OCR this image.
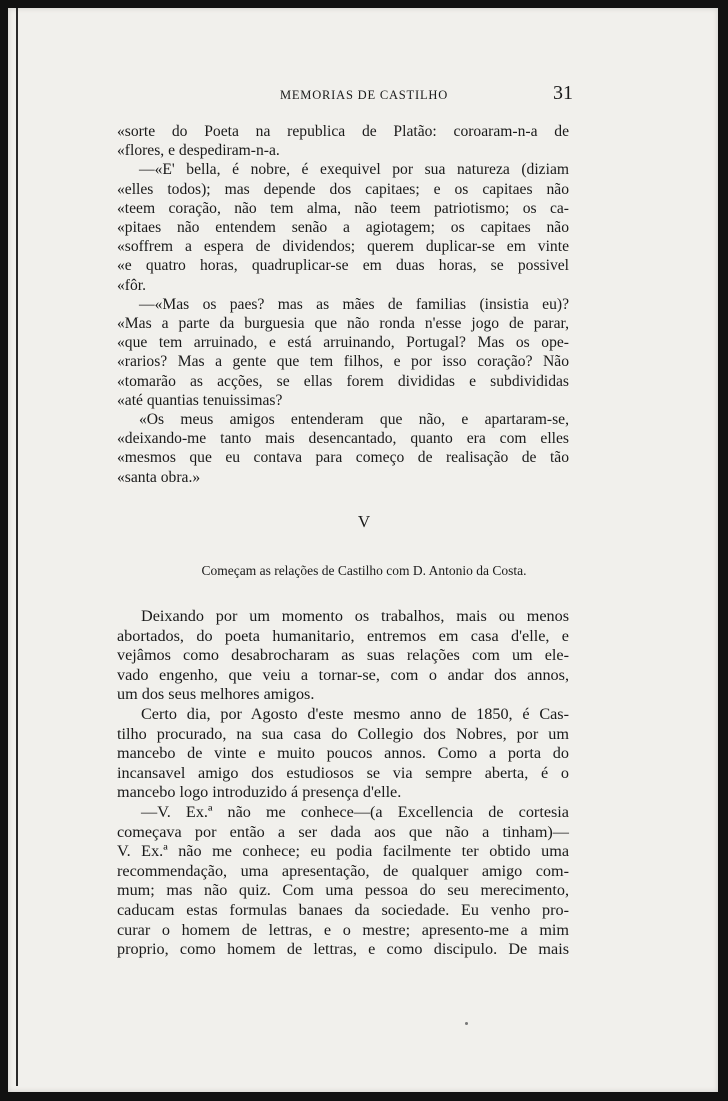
MEMORIAS DE CASTILHO	31
«sorte do Poeta na republica de Platão: coroaram-n-a de
«flores, e despediram-n-a.
—«E' bella, é nobre, é exequivel por sua natureza (diziam
«elles todos); mas depende dos capitaes; e os capitaes não
«teem coração, não tem alma, não teem patriotismo; os ca-
«pitaes não entendem senão a agiotagem; os capitaes não
«soffrem a espera de dividendos; querem duplicar-se em vinte
«e quatro horas, quadruplicar-se em duas horas, se possivel
«fôr.
—«Mas os paes? mas as mães de familias (insistia eu)?
«Mas a parte da burguesia que não ronda n'esse jogo de parar,
«que tem arruinado, e está arruinando, Portugal? Mas os ope-
«rarios? Mas a gente que tem filhos, e por isso coração? Não
«tomarão as acções, se ellas forem divididas e subdivididas
«até quantias tenuissimas?
«Os meus amigos entenderam que não, e apartaram-se,
«deixando-me tanto mais desencantado, quanto era com elles
«mesmos que eu contava para começo de realisação de tão
«santa obra.»
V
Começam as relações de Castilho com D. Antonio da Costa.
Deixando por um momento os trabalhos, mais ou menos
abortados, do poeta humanitario, entremos em casa d'elle, e
vejâmos como desabrocharam as suas relações com um ele-
vado engenho, que veiu a tornar-se, com o andar dos annos,
um dos seus melhores amigos.
Certo dia, por Agosto d'este mesmo anno de 1850, é Cas-
tilho procurado, na sua casa do Collegio dos Nobres, por um
mancebo de vinte e muito poucos annos. Como a porta do
incansavel amigo dos estudiosos se via sempre aberta, é o
mancebo logo introduzido á presença d'elle.
—V. Ex.ª não me conhece—(a Excellencia de cortesia
começava por então a ser dada aos que não a tinham)—
V. Ex.ª não me conhece; eu podia facilmente ter obtido uma
recommendação, uma apresentação, de qualquer amigo com-
mum; mas não quiz. Com uma pessoa do seu merecimento,
caducam estas formulas banaes da sociedade. Eu venho pro-
curar o homem de lettras, e o mestre; apresento-me a mim
proprio, como homem de lettras, e como discipulo. De mais
